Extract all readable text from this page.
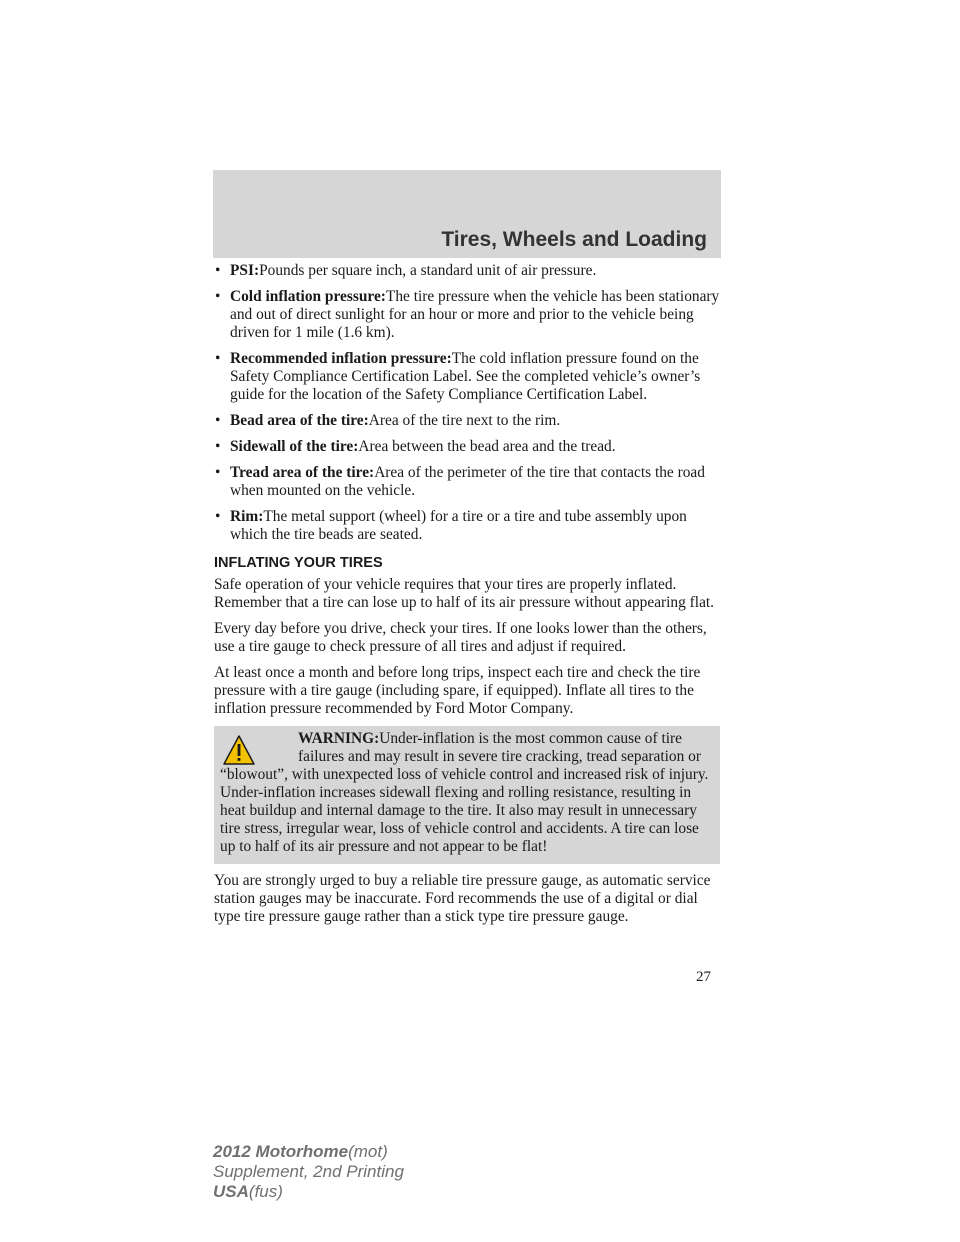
Tires, Wheels and Loading
• PSI:Pounds per square inch, a standard unit of air pressure.
• Cold inflation pressure:The tire pressure when the vehicle has been stationary and out of direct sunlight for an hour or more and prior to the vehicle being driven for 1 mile (1.6 km).
• Recommended inflation pressure:The cold inflation pressure found on the Safety Compliance Certification Label. See the completed vehicle’s owner’s guide for the location of the Safety Compliance Certification Label.
• Bead area of the tire:Area of the tire next to the rim.
• Sidewall of the tire:Area between the bead area and the tread.
• Tread area of the tire:Area of the perimeter of the tire that contacts the road when mounted on the vehicle.
• Rim:The metal support (wheel) for a tire or a tire and tube assembly upon which the tire beads are seated.
INFLATING YOUR TIRES

Safe operation of your vehicle requires that your tires are properly inflated. Remember that a tire can lose up to half of its air pressure without appearing flat.

Every day before you drive, check your tires. If one looks lower than the others, use a tire gauge to check pressure of all tires and adjust if required.

At least once a month and before long trips, inspect each tire and check the tire pressure with a tire gauge (including spare, if equipped). Inflate all tires to the inflation pressure recommended by Ford Motor Company.

WARNING:Under-inflation is the most common cause of tire failures and may result in severe tire cracking, tread separation or “blowout”, with unexpected loss of vehicle control and increased risk of injury. Under-inflation increases sidewall flexing and rolling resistance, resulting in heat buildup and internal damage to the tire. It also may result in unnecessary tire stress, irregular wear, loss of vehicle control and accidents. A tire can lose up to half of its air pressure and not appear to be flat!

You are strongly urged to buy a reliable tire pressure gauge, as automatic service station gauges may be inaccurate. Ford recommends the use of a digital or dial type tire pressure gauge rather than a stick type tire pressure gauge.

27
2012 Motorhome(mot)
Supplement, 2nd Printing
USA(fus)
